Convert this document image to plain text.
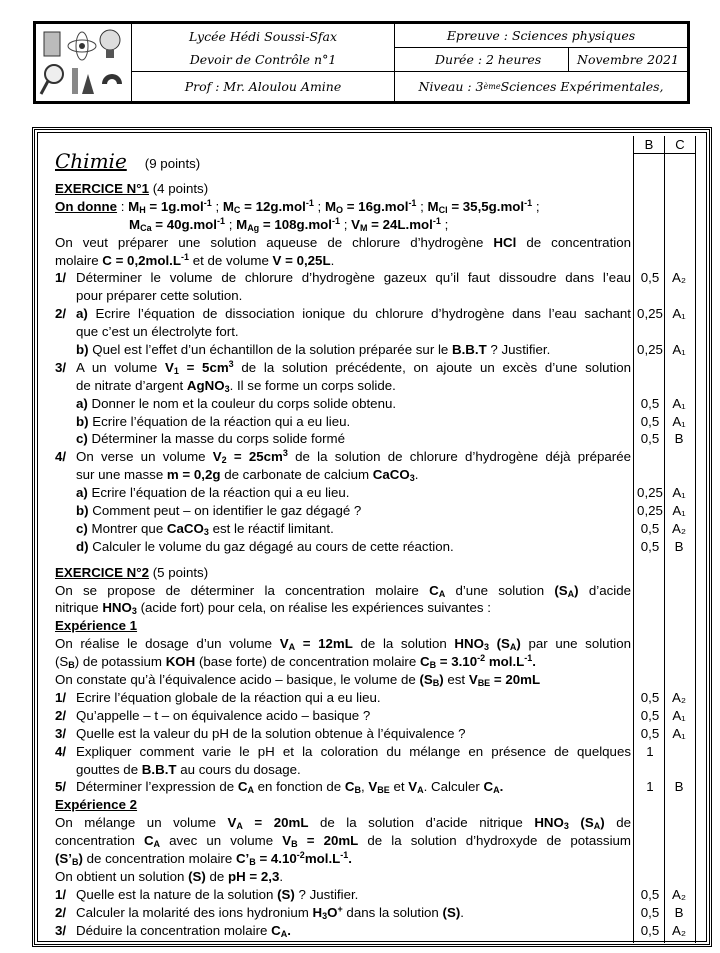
Lycée Hédi Soussi-Sfax
Devoir de Contrôle n°1
Prof : Mr. Aloulou Amine
Epreuve : Sciences physiques
Durée : 2 heures	Novembre 2021
Niveau : 3 ème Sciences Expérimentales,
B	C
Chimie (9 points)
EXERCICE N°1 (4 points)
On donne : MH = 1g.mol$^{-1}$ ; MC = 12g.mol$^{-1}$ ; MO = 16g.mol$^{-1}$ ; MCl = 35,5g.mol$^{-1}$ ;
MCa = 40g.mol$^{-1}$ ; MAg = 108g.mol$^{-1}$ ; VM = 24L.mol$^{-1}$ ;
On veut préparer une solution aqueuse de chlorure d’hydrogène HCl de concentration
molaire $C = 0,2mol.L^{-1}$ et de volume V = 0,25L.
1/ Déterminer le volume de chlorure d’hydrogène gazeux qu’il faut dissoudre dans l’eau 0,5 A₂
pour préparer cette solution.
2/ a) Ecrire l’équation de dissociation ionique du chlorure d’hydrogène dans l’eau sachant 0,25 A₁
que c’est un électrolyte fort.
b) Quel est l’effet d’un échantillon de la solution préparée sur le B.B.T ? Justifier.	0,25 A₁
3/ A un volume $V1 = 5cm^3$ de la solution précédente, on ajoute un excès d’une solution
de nitrate d’argent AgNO3. Il se forme un corps solide.
a) Donner le nom et la couleur du corps solide obtenu.	0,5 A₁
b) Ecrire l’équation de la réaction qui a eu lieu.	0,5 A₁
c) Déterminer la masse du corps solide formé	0,5	B
4/ On verse un volume $V2 = 25cm^3$ de la solution de chlorure d’hydrogène déjà préparée
sur une masse m = 0,2g de carbonate de calcium CaCO3.
a) Ecrire l’équation de la réaction qui a eu lieu.	0,25 A₁
b) Comment peut – on identifier le gaz dégagé ?	0,25 A₁
c) Montrer que CaCO3 est le réactif limitant.	0,5 A₂
d) Calculer le volume du gaz dégagé au cours de cette réaction.	0,5	B
EXERCICE N°2 (5 points)
On se propose de déterminer la concentration molaire CA d’une solution (SA) d’acide
nitrique HNO3 (acide fort) pour cela, on réalise les expériences suivantes :
Expérience 1
On réalise le dosage d’un volume VA = 12mL de la solution HNO3 (SA) par une solution
(SB) de potassium KOH (base forte) de concentration molaire CB = $3.10^{-2}$ $mol.L^{-1}$.
On constate qu’à l’équivalence acido – basique, le volume de (SB) est VBE = 20mL
1/ Ecrire l’équation globale de la réaction qui a eu lieu.	0,5 A₂
2/ Qu’appelle – t – on équivalence acido – basique ?	0,5 A₁
3/ Quelle est la valeur du pH de la solution obtenue à l’équivalence ?	0,5 A₁
4/ Expliquer comment varie le pH et la coloration du mélange en présence de quelques	1
gouttes de B.B.T au cours du dosage.
5/ Déterminer l’expression de CA en fonction de CB, VBE et VA. Calculer CA.	1	B
Expérience 2
On mélange un volume VA = 20mL de la solution d’acide nitrique HNO3 (SA) de
concentration CA avec un volume VB = 20mL de la solution d’hydroxyde de potassium
(S’B) de concentration molaire C’B = $4.10^{-2}mol.L^{-1}$.
On obtient un solution (S) de pH = 2,3.
1/ Quelle est la nature de la solution (S) ? Justifier.	0,5 A₂
2/ Calculer la molarité des ions hydronium H3O+ dans la solution (S).	0,5	B
3/ Déduire la concentration molaire CA.	0,5 A₂
